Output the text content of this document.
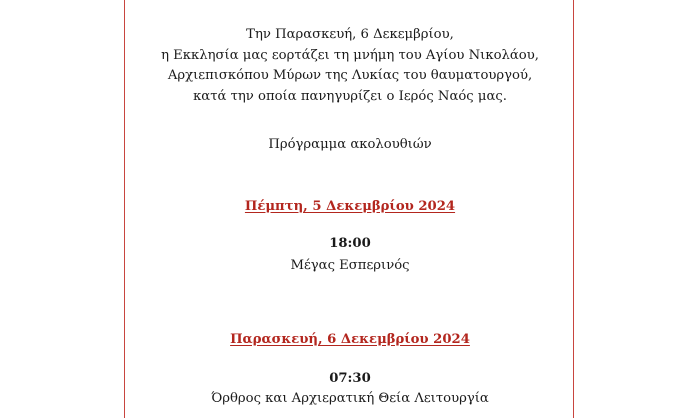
Την Παρασκευή, 6 Δεκεμβρίου,
η Εκκλησία μας εορτάζει τη μνήμη του Αγίου Νικολάου,
Αρχιεπισκόπου Μύρων της Λυκίας του θαυματουργού,
κατά την οποία πανηγυρίζει ο Ιερός Ναός μας.
Πρόγραμμα ακολουθιών
Πέμπτη, 5 Δεκεμβρίου 2024
18:00
Μέγας Εσπερινός
Παρασκευή, 6 Δεκεμβρίου 2024
07:30
Όρθρος και Αρχιερατική Θεία Λειτουργία
